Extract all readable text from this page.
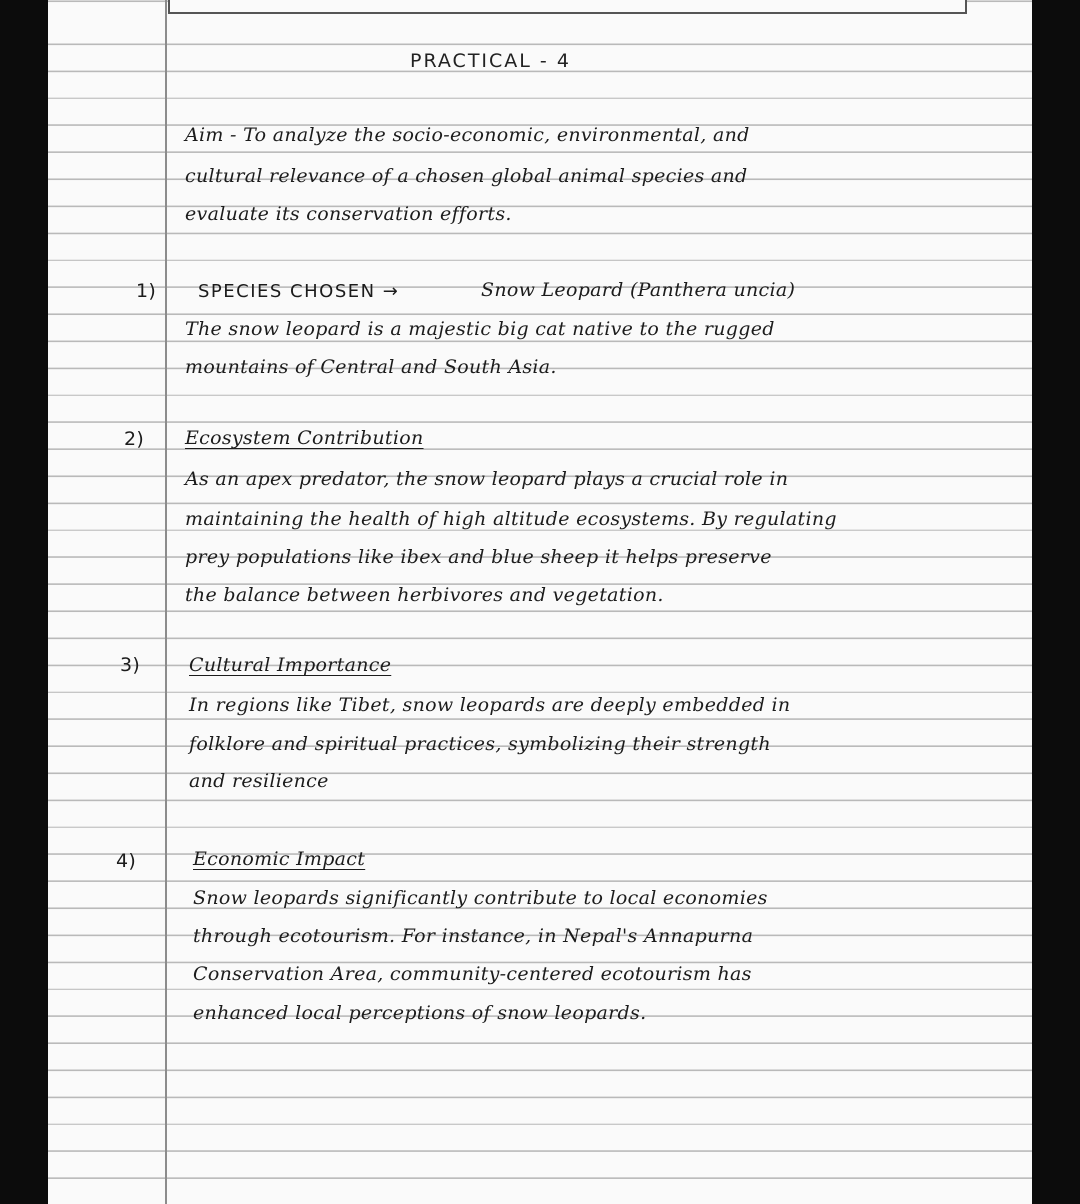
PRACTICAL - 4
Aim - To analyze the socio-economic, environmental, and
cultural relevance of a chosen global animal species and
evaluate its conservation efforts.
1) SPECIES CHOSEN →	Snow Leopard (Panthera uncia)
The snow leopard is a majestic big cat native to the rugged
mountains of Central and South Asia.
2) Ecosystem Contribution
As an apex predator, the snow leopard plays a crucial role in
maintaining the health of high altitude ecosystems. By regulating
prey populations like ibex and blue sheep it helps preserve
the balance between herbivores and vegetation.
3)	Cultural Importance
In regions like Tibet, snow leopards are deeply embedded in
folklore and spiritual practices, symbolizing their strength
and resilience
4)	Economic Impact
Snow leopards significantly contribute to local economies
through ecotourism. For instance, in Nepal's Annapurna
Conservation Area, community-centered ecotourism has
enhanced local perceptions of snow leopards.
